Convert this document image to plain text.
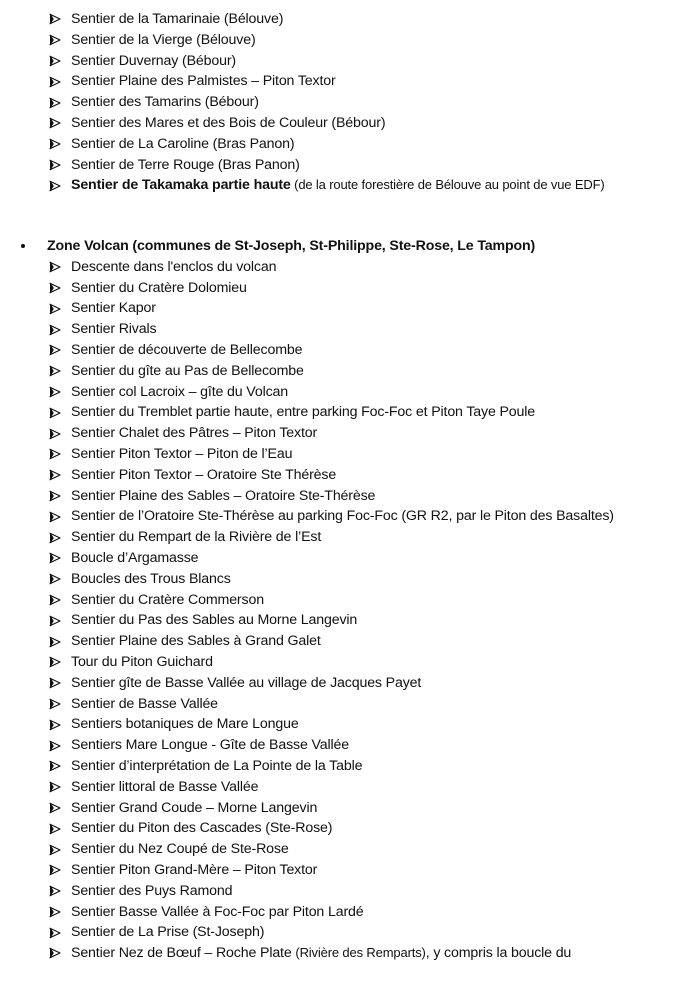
Sentier de la Tamarinaie (Bélouve)
Sentier de la Vierge (Bélouve)
Sentier Duvernay (Bébour)
Sentier Plaine des Palmistes – Piton Textor
Sentier des Tamarins (Bébour)
Sentier des Mares et des Bois de Couleur (Bébour)
Sentier de La Caroline (Bras Panon)
Sentier de Terre Rouge (Bras Panon)
Sentier de Takamaka partie haute (de la route forestière de Bélouve au point de vue EDF)
Zone Volcan (communes de St-Joseph, St-Philippe, Ste-Rose, Le Tampon)
Descente dans l'enclos du volcan
Sentier du Cratère Dolomieu
Sentier Kapor
Sentier Rivals
Sentier de découverte de Bellecombe
Sentier du gîte au Pas de Bellecombe
Sentier col Lacroix – gîte du Volcan
Sentier du Tremblet partie haute, entre parking Foc-Foc et Piton Taye Poule
Sentier Chalet des Pâtres – Piton Textor
Sentier Piton Textor – Piton de l’Eau
Sentier Piton Textor – Oratoire Ste Thérèse
Sentier Plaine des Sables – Oratoire Ste-Thérèse
Sentier de l’Oratoire Ste-Thérèse au parking Foc-Foc (GR R2, par le Piton des Basaltes)
Sentier du Rempart de la Rivière de l’Est
Boucle d’Argamasse
Boucles des Trous Blancs
Sentier du Cratère Commerson
Sentier du Pas des Sables au Morne Langevin
Sentier Plaine des Sables à Grand Galet
Tour du Piton Guichard
Sentier gîte de Basse Vallée au village de Jacques Payet
Sentier de Basse Vallée
Sentiers botaniques de Mare Longue
Sentiers Mare Longue - Gîte de Basse Vallée
Sentier d’interprétation de La Pointe de la Table
Sentier littoral de Basse Vallée
Sentier Grand Coude – Morne Langevin
Sentier du Piton des Cascades (Ste-Rose)
Sentier du Nez Coupé de Ste-Rose
Sentier Piton Grand-Mère – Piton Textor
Sentier des Puys Ramond
Sentier Basse Vallée à Foc-Foc par Piton Lardé
Sentier de La Prise (St-Joseph)
Sentier Nez de Bœuf – Roche Plate (Rivière des Remparts), y compris la boucle du
